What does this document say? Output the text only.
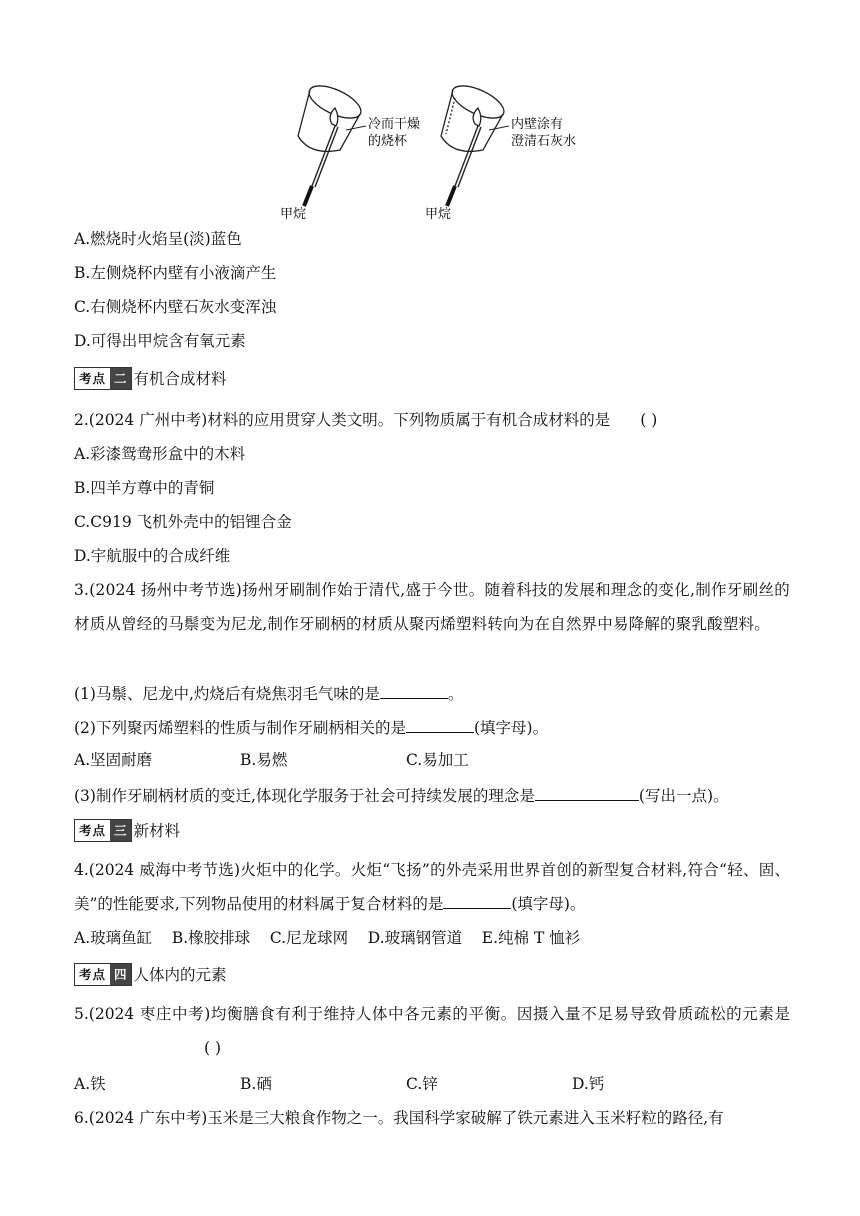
冷而干燥
的烧杯
内壁涂有
澄清石灰水
甲烷	甲烷
A.燃烧时火焰呈(淡)蓝色
B.左侧烧杯内壁有小液滴产生
C.右侧烧杯内壁石灰水变浑浊
D.可得出甲烷含有氧元素
考点 二 有机合成材料
2.(2024 广州中考)材料的应用贯穿人类文明。下列物质属于有机合成材料的是 ( )
A.彩漆鸳鸯形盒中的木料
B.四羊方尊中的青铜
C.C919 飞机外壳中的铝锂合金
D.宇航服中的合成纤维
3.(2024 扬州中考节选)扬州牙刷制作始于清代,盛于今世。随着科技的发展和理念的变化,制作牙刷丝的材质从曾经的马鬃变为尼龙,制作牙刷柄的材质从聚丙烯塑料转向为在自然界中易降解的聚乳酸塑料。
(1)马鬃、尼龙中,灼烧后有烧焦羽毛气味的是	。
(2)下列聚丙烯塑料的性质与制作牙刷柄相关的是	(填字母)。
A.坚固耐磨	B.易燃	C.易加工
(3)制作牙刷柄材质的变迁,体现化学服务于社会可持续发展的理念是	(写出一点)。
考点 三 新材料
4.(2024 威海中考节选)火炬中的化学。火炬“飞扬”的外壳采用世界首创的新型复合材料,符合“轻、固、美”的性能要求,下列物品使用的材料属于复合材料的是	(填字母)。
A.玻璃鱼缸    B.橡胶排球    C.尼龙球网    D.玻璃钢管道    E.纯棉 T 恤衫
考点 四 人体内的元素
5.(2024 枣庄中考)均衡膳食有利于维持人体中各元素的平衡。因摄入量不足易导致骨质疏松的元素是( )
A.铁	B.硒	C.锌	D.钙
6.(2024 广东中考)玉米是三大粮食作物之一。我国科学家破解了铁元素进入玉米籽粒的路径,有
